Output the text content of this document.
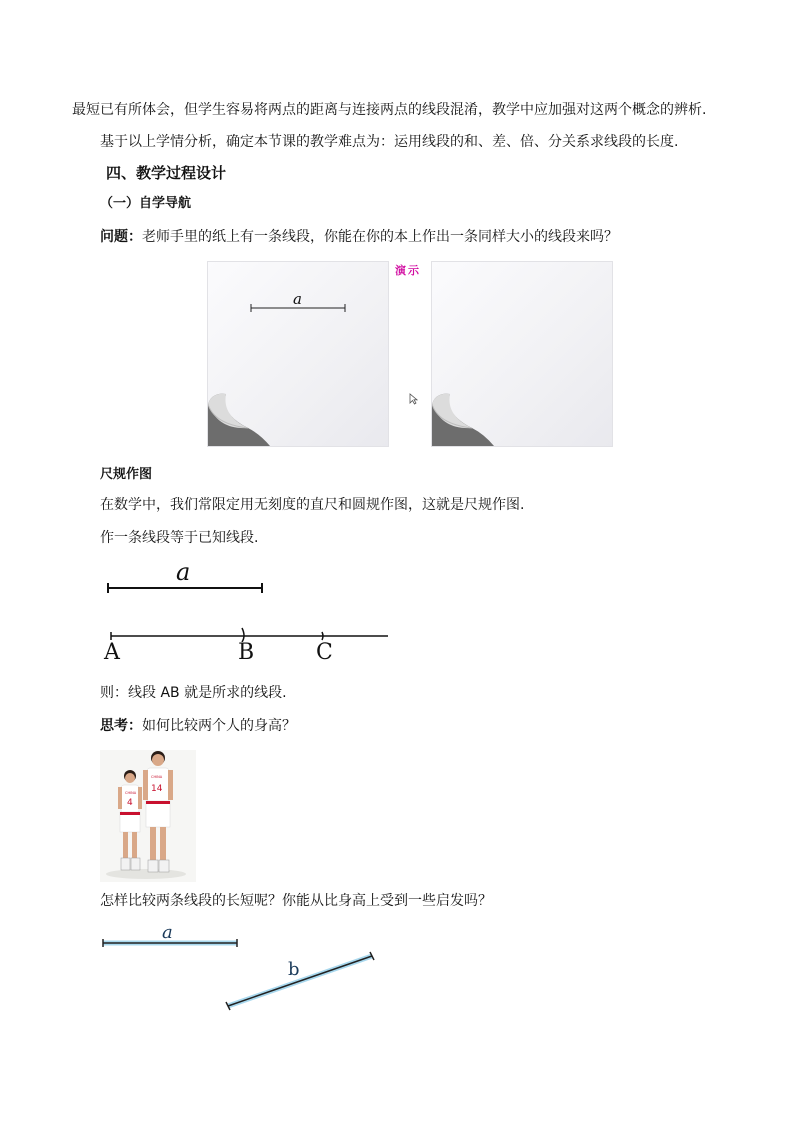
最短已有所体会，但学生容易将两点的距离与连接两点的线段混淆，教学中应加强对这两个概念的辨析.
基于以上学情分析，确定本节课的教学难点为：运用线段的和、差、倍、分关系求线段的长度.
四、教学过程设计
（一）自学导航
问题：老师手里的纸上有一条线段，你能在你的本上作出一条同样大小的线段来吗？
a
演示
尺规作图
在数学中，我们常限定用无刻度的直尺和圆规作图，这就是尺规作图.
作一条线段等于已知线段.
a
A	B	C
则：线段 AB 就是所求的线段.
思考：如何比较两个人的身高？
CHINA
4
CHINA
14
怎样比较两条线段的长短呢？你能从比身高上受到一些启发吗？
a
b
